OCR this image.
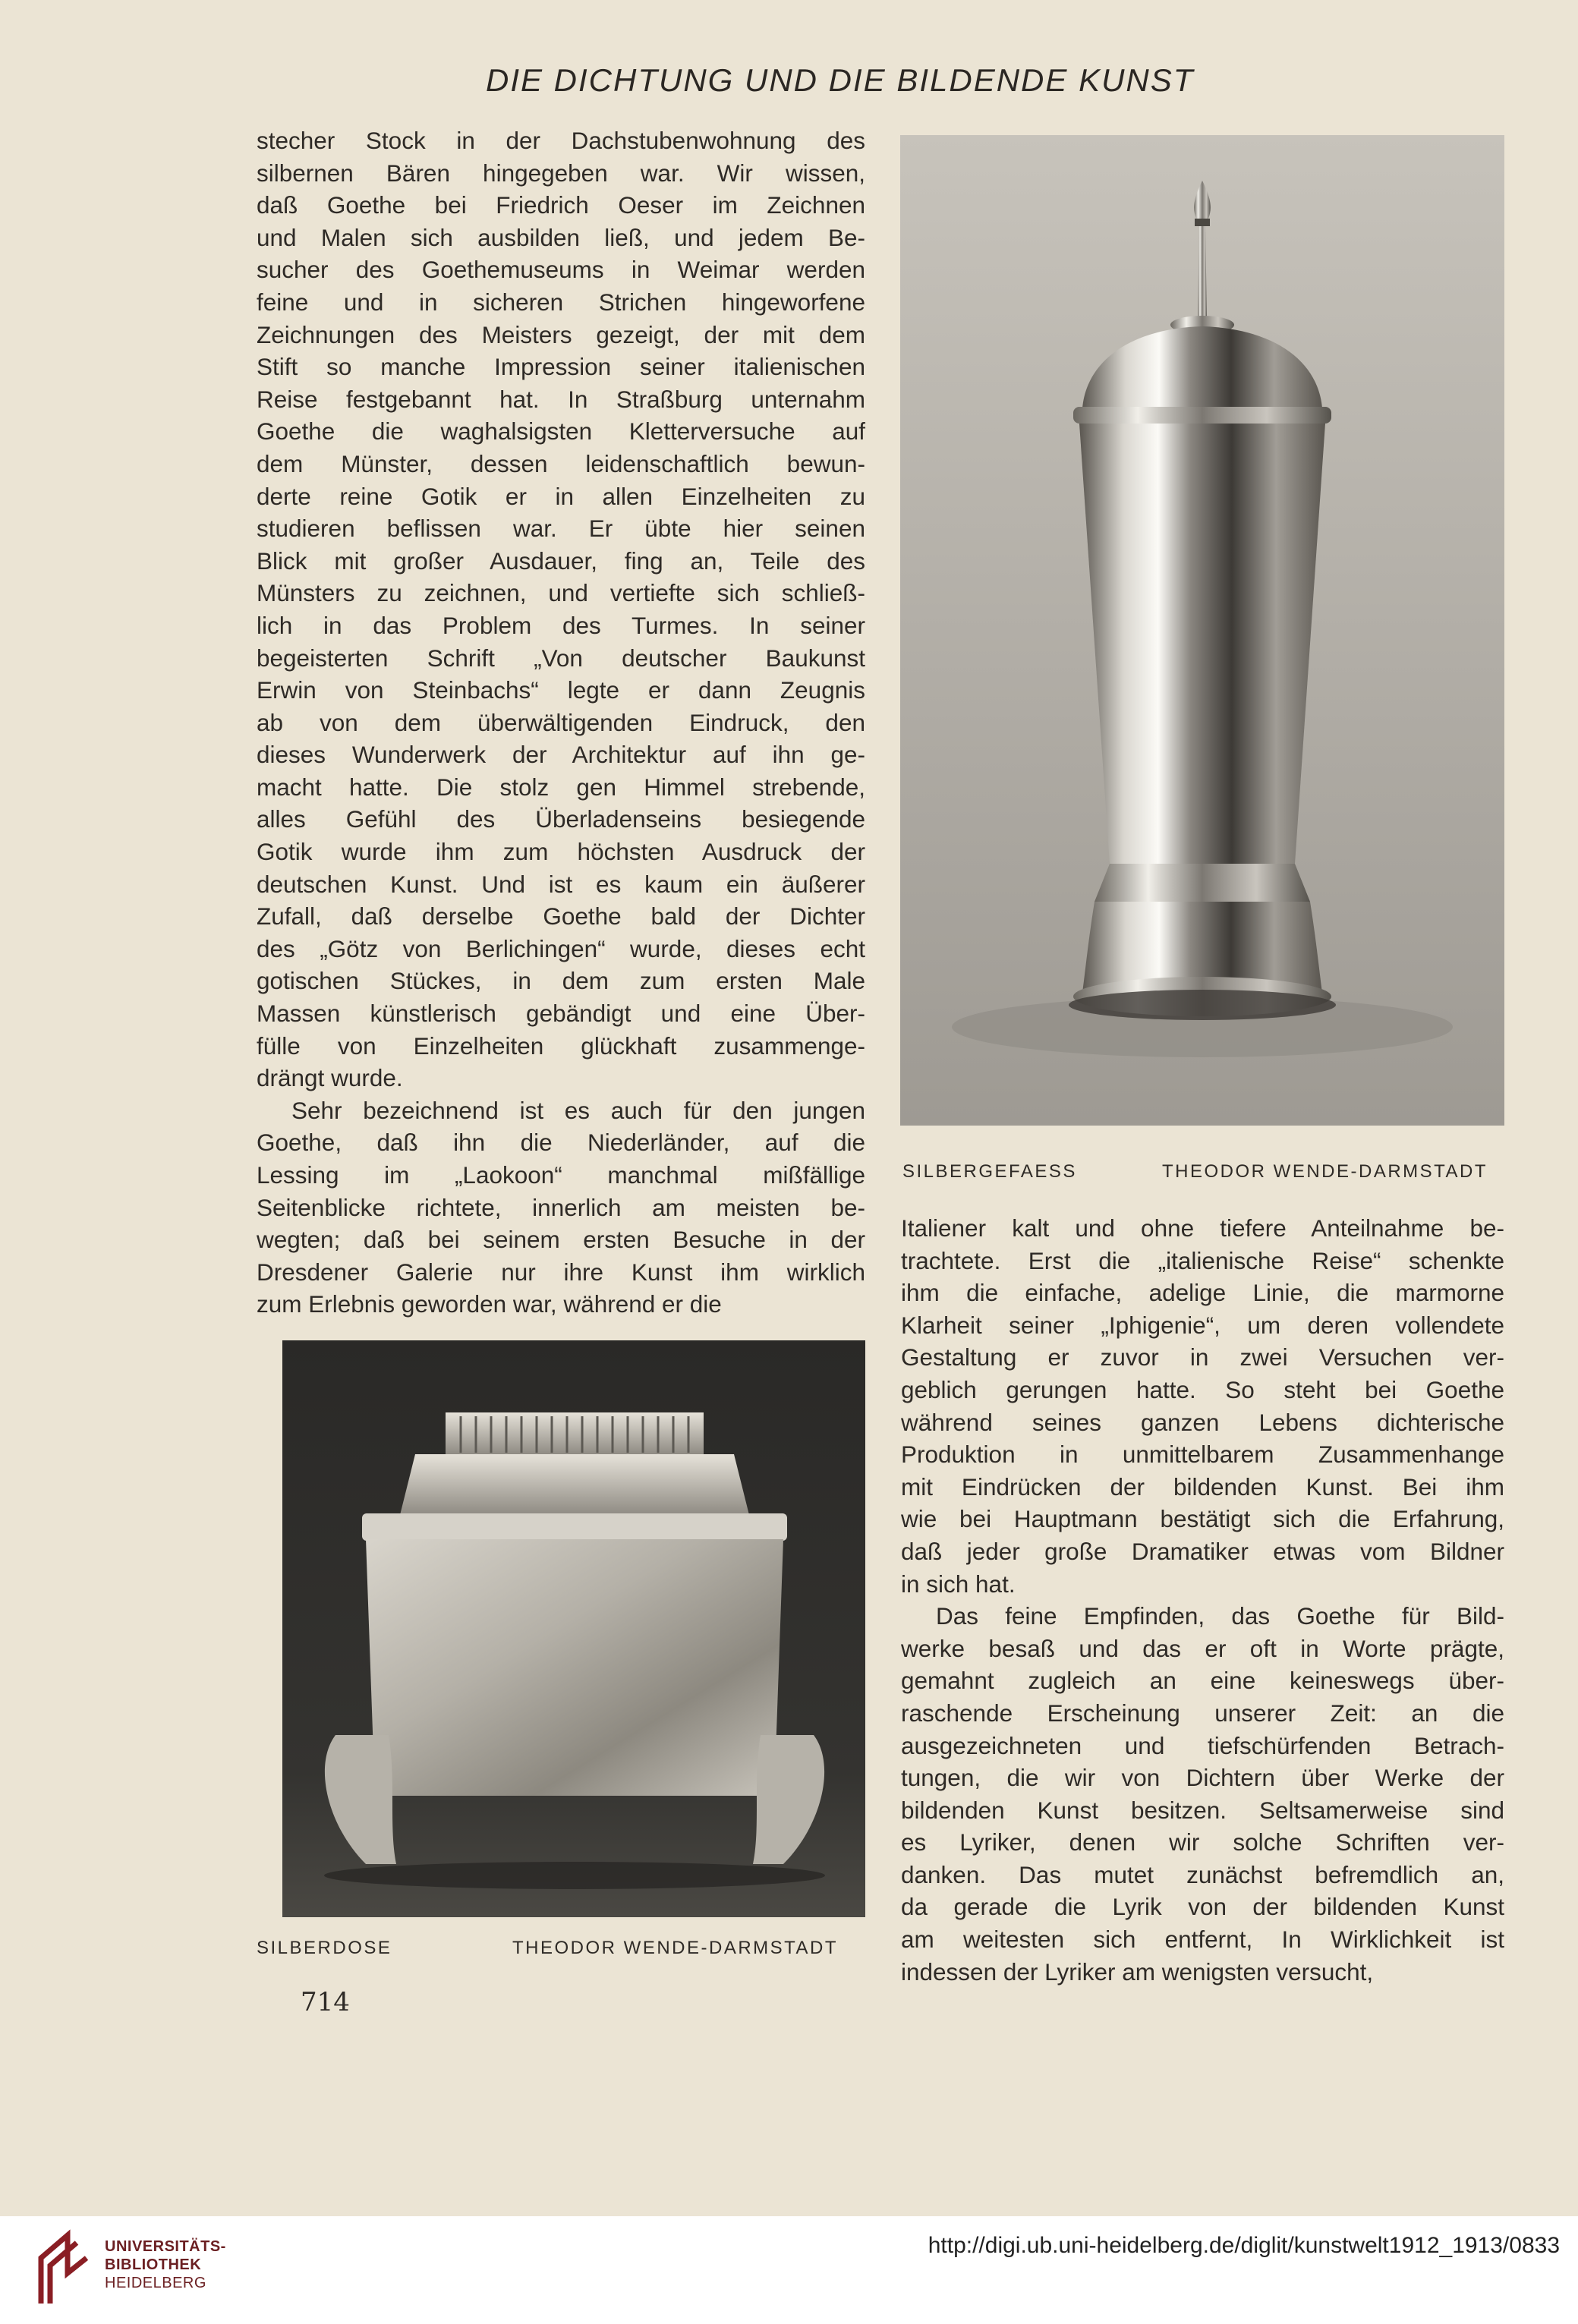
DIE DICHTUNG UND DIE BILDENDE KUNST
stecher Stock in der Dachstubenwohnung des
silbernen Bären hingegeben war. Wir wissen,
daß Goethe bei Friedrich Oeser im Zeichnen
und Malen sich ausbilden ließ, und jedem Be-
sucher des Goethemuseums in Weimar werden
feine und in sicheren Strichen hingeworfene
Zeichnungen des Meisters gezeigt, der mit dem
Stift so manche Impression seiner italienischen
Reise festgebannt hat. In Straßburg unternahm
Goethe die waghalsigsten Kletterversuche auf
dem Münster, dessen leidenschaftlich bewun-
derte reine Gotik er in allen Einzelheiten zu
studieren beflissen war. Er übte hier seinen
Blick mit großer Ausdauer, fing an, Teile des
Münsters zu zeichnen, und vertiefte sich schließ-
lich in das Problem des Turmes. In seiner
begeisterten Schrift „Von deutscher Baukunst
Erwin von Steinbachs“ legte er dann Zeugnis
ab von dem überwältigenden Eindruck, den
dieses Wunderwerk der Architektur auf ihn ge-
macht hatte. Die stolz gen Himmel strebende,
alles Gefühl des Überladenseins besiegende
Gotik wurde ihm zum höchsten Ausdruck der
deutschen Kunst. Und ist es kaum ein äußerer
Zufall, daß derselbe Goethe bald der Dichter
des „Götz von Berlichingen“ wurde, dieses echt
gotischen Stückes, in dem zum ersten Male
Massen künstlerisch gebändigt und eine Über-
fülle von Einzelheiten glückhaft zusammenge-
drängt wurde.
Sehr bezeichnend ist es auch für den jungen
Goethe, daß ihn die Niederländer, auf die
Lessing im „Laokoon“ manchmal mißfällige
Seitenblicke richtete, innerlich am meisten be-
wegten; daß bei seinem ersten Besuche in der
Dresdener Galerie nur ihre Kunst ihm wirklich
zum Erlebnis geworden war, während er die
SILBERGEFAESS	THEODOR WENDE-DARMSTADT
Italiener kalt und ohne tiefere Anteilnahme be-
trachtete. Erst die „italienische Reise“ schenkte
ihm die einfache, adelige Linie, die marmorne
Klarheit seiner „Iphigenie“, um deren vollendete
Gestaltung er zuvor in zwei Versuchen ver-
geblich gerungen hatte. So steht bei Goethe
während seines ganzen Lebens dichterische
Produktion in unmittelbarem Zusammenhange
mit Eindrücken der bildenden Kunst. Bei ihm
wie bei Hauptmann bestätigt sich die Erfahrung,
daß jeder große Dramatiker etwas vom Bildner
in sich hat.
Das feine Empfinden, das Goethe für Bild-
werke besaß und das er oft in Worte prägte,
gemahnt zugleich an eine keineswegs über-
raschende Erscheinung unserer Zeit: an die
ausgezeichneten und tiefschürfenden Betrach-
tungen, die wir von Dichtern über Werke der
bildenden Kunst besitzen. Seltsamerweise sind
es Lyriker, denen wir solche Schriften ver-
danken. Das mutet zunächst befremdlich an,
da gerade die Lyrik von der bildenden Kunst
am weitesten sich entfernt, In Wirklichkeit ist
indessen der Lyriker am wenigsten versucht,
SILBERDOSE	THEODOR WENDE-DARMSTADT
714
UNIVERSITÄTS-
BIBLIOTHEK
HEIDELBERG
http://digi.ub.uni-heidelberg.de/diglit/kunstwelt1912_1913/0833
